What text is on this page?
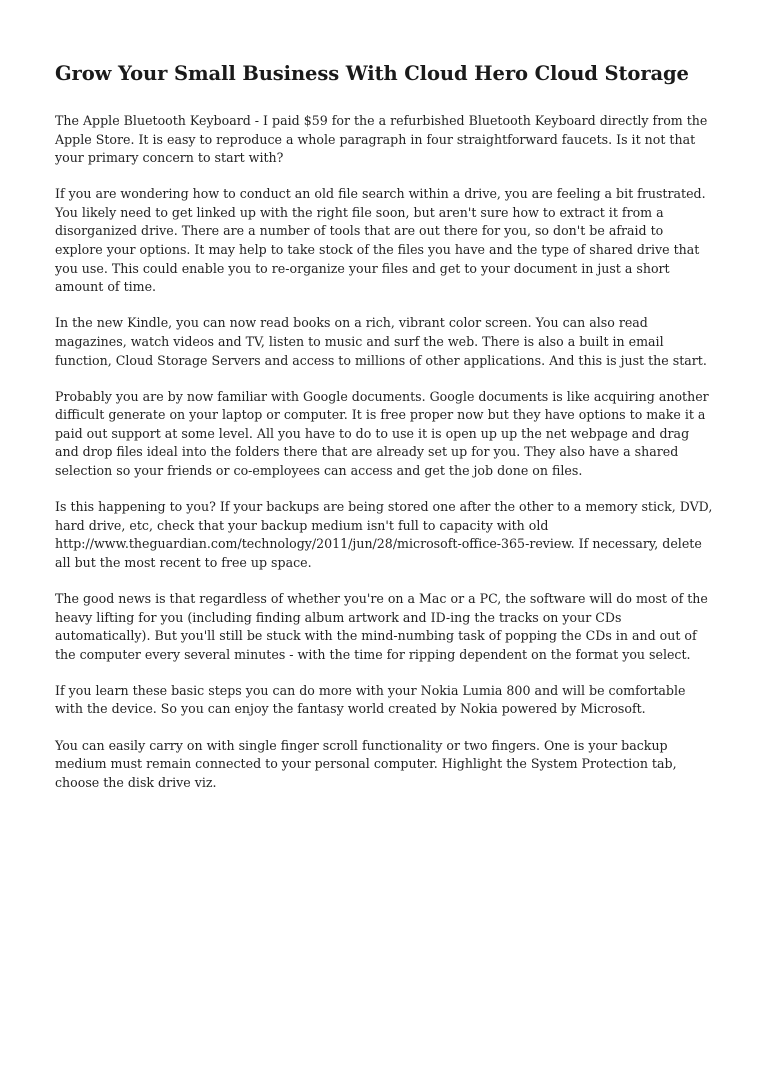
Grow Your Small Business With Cloud Hero Cloud Storage

The Apple Bluetooth Keyboard - I paid $59 for the a refurbished Bluetooth Keyboard directly from the Apple Store. It is easy to reproduce a whole paragraph in four straightforward faucets. Is it not that your primary concern to start with?

If you are wondering how to conduct an old file search within a drive, you are feeling a bit frustrated. You likely need to get linked up with the right file soon, but aren't sure how to extract it from a disorganized drive. There are a number of tools that are out there for you, so don't be afraid to explore your options. It may help to take stock of the files you have and the type of shared drive that you use. This could enable you to re-organize your files and get to your document in just a short amount of time.

In the new Kindle, you can now read books on a rich, vibrant color screen. You can also read magazines, watch videos and TV, listen to music and surf the web. There is also a built in email function, Cloud Storage Servers and access to millions of other applications. And this is just the start.

Probably you are by now familiar with Google documents. Google documents is like acquiring another difficult generate on your laptop or computer. It is free proper now but they have options to make it a paid out support at some level. All you have to do to use it is open up up the net webpage and drag and drop files ideal into the folders there that are already set up for you. They also have a shared selection so your friends or co-employees can access and get the job done on files.

Is this happening to you? If your backups are being stored one after the other to a memory stick, DVD, hard drive, etc, check that your backup medium isn't full to capacity with old http://www.theguardian.com/technology/2011/jun/28/microsoft-office-365-review. If necessary, delete all but the most recent to free up space.

The good news is that regardless of whether you're on a Mac or a PC, the software will do most of the heavy lifting for you (including finding album artwork and ID-ing the tracks on your CDs automatically). But you'll still be stuck with the mind-numbing task of popping the CDs in and out of the computer every several minutes - with the time for ripping dependent on the format you select.

If you learn these basic steps you can do more with your Nokia Lumia 800 and will be comfortable with the device. So you can enjoy the fantasy world created by Nokia powered by Microsoft.

You can easily carry on with single finger scroll functionality or two fingers. One is your backup medium must remain connected to your personal computer. Highlight the System Protection tab, choose the disk drive viz.
